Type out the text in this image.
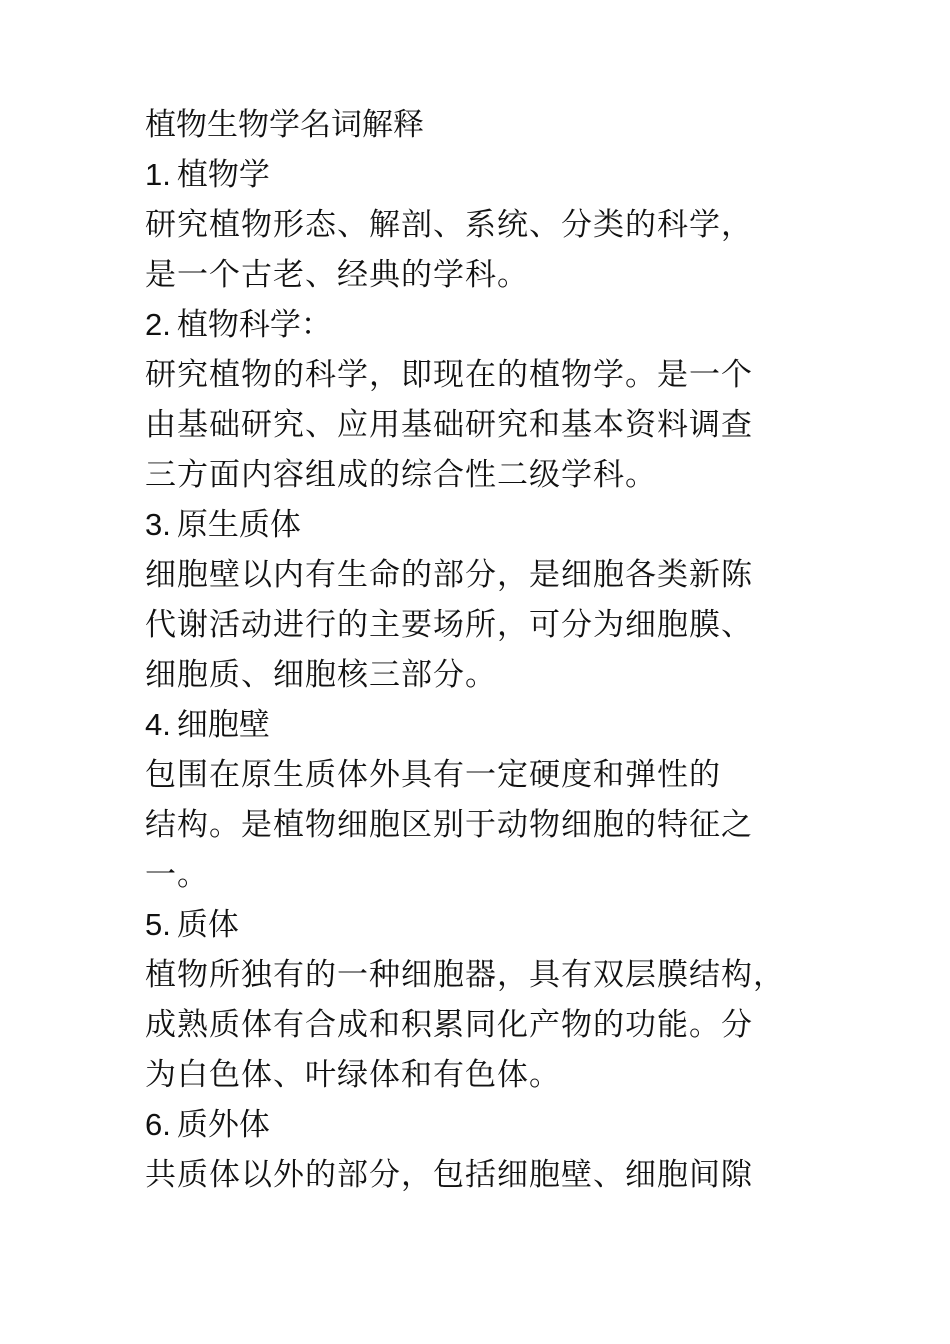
植物生物学名词解释
1. 植物学
研究植物形态、解剖、系统、分类的科学，
是一个古老、经典的学科。
2. 植物科学：
研究植物的科学，即现在的植物学。是一个
由基础研究、应用基础研究和基本资料调查
三方面内容组成的综合性二级学科。
3. 原生质体
细胞壁以内有生命的部分，是细胞各类新陈
代谢活动进行的主要场所，可分为细胞膜、
细胞质、细胞核三部分。
4. 细胞壁
包围在原生质体外具有一定硬度和弹性的
结构。是植物细胞区别于动物细胞的特征之
一。
5. 质体
植物所独有的一种细胞器，具有双层膜结构，
成熟质体有合成和积累同化产物的功能。分
为白色体、叶绿体和有色体。
6. 质外体
共质体以外的部分，包括细胞壁、细胞间隙
